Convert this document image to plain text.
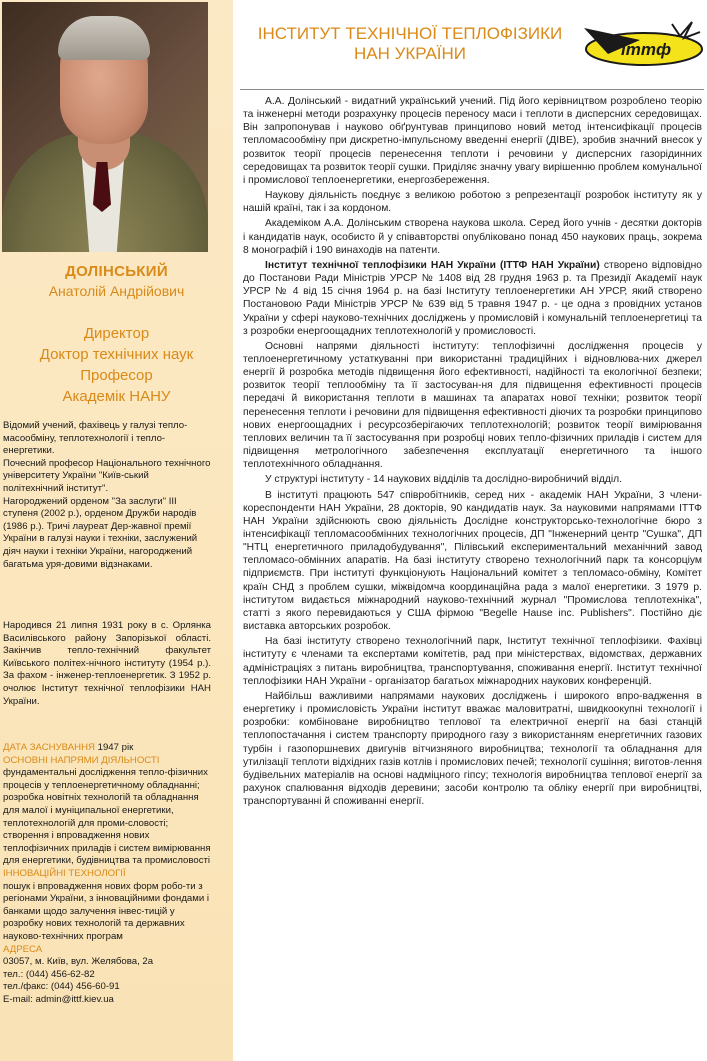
ДОЛІНСЬКИЙ
Анатолій Андрійович
Директор
Доктор технічних наук
Професор
Академік НАНУ
Відомий учений, фахівець у галузі тепло-масообміну, теплотехнології і тепло-енергетики.
Почесний професор Національного технічного університету України "Київ-ський політехнічний інститут".
Нагороджений орденом "За заслуги" ІІІ ступеня (2002 р.), орденом Дружби народів (1986 р.). Тричі лауреат Дер-жавної премії України в галузі науки і техніки, заслужений діяч науки і техніки України, нагороджений багатьма уря-довими відзнаками.
Народився 21 липня 1931 року в с. Орлянка Василівського району Запорізької області. Закінчив тепло-технічний факультет Київського політех-нічного інституту (1954 р.). За фахом - інженер-теплоенергетик. З 1952 р. очолює Інститут технічної теплофізики НАН України.

ДАТА ЗАСНУВАННЯ 1947 рік

ОСНОВНІ НАПРЯМИ ДІЯЛЬНОСТІ

фундаментальні дослідження тепло-фізичних процесів у теплоенергетичному обладнанні; розробка новітніх технологій та обладнання для малої і муніципальної енергетики, теплотехнологій для проми-словості; створення і впровадження нових теплофізичних приладів і систем вимірювання для енергетики, будівництва та промисловості

ІННОВАЦІЙНІ ТЕХНОЛОГІЇ

пошук і впровадження нових форм робо-ти з регіонами України, з інноваційними фондами і банками щодо залучення інвес-тицій у розробку нових технологій та державних науково-технічних програм

АДРЕСА

03057, м. Київ, вул. Желябова, 2а

тел.: (044) 456-62-82

тел./факс: (044) 456-60-91

E-mail: admin@ittf.kiev.ua

ІНСТИТУТ ТЕХНІЧНОЇ ТЕПЛОФІЗИКИ
НАН УКРАЇНИ	іттф

А.А. Долінський - видатний український учений. Під його керівництвом розроблено теорію та інженерні методи розрахунку процесів переносу маси і теплоти в дисперсних середовищах. Він запропонував і науково обґрунтував принципово новий метод інтенсифікації процесів тепломасообміну при дискретно-імпульсному введенні енергії (ДІВЕ), зробив значний внесок у розвиток теорії процесів перенесення теплоти і речовини у дисперсних газорідинних середовищах та розвиток теорії сушки. Приділяє значну увагу вирішенню проблем комунальної і промислової теплоенергетики, енергозбереження.

Наукову діяльність поєднує з великою роботою з репрезентації розробок інституту як у нашій країні, так і за кордоном.

Академіком А.А. Долінським створена наукова школа. Серед його учнів - десятки докторів і кандидатів наук, особисто й у співавторстві опубліковано понад 450 наукових праць, зокрема 8 монографій і 190 винаходів на патенти.

Інститут технічної теплофізики НАН України (ІТТФ НАН України) створено відповідно до Постанови Ради Міністрів УРСР № 1408 від 28 грудня 1963 р. та Президії Академії наук УРСР № 4 від 15 січня 1964 р. на базі Інституту теплоенергетики АН УРСР, який створено Постановою Ради Міністрів УРСР № 639 від 5 травня 1947 р. - це одна з провідних установ України у сфері науково-технічних досліджень у промисловій і комунальній теплоенергетиці та з розробки енергоощадних теплотехнологій у промисловості.

Основні напрями діяльності інституту: теплофізичні дослідження процесів у теплоенергетичному устаткуванні при використанні традиційних і відновлюва-них джерел енергії й розробка методів підвищення його ефективності, надійності та екологічної безпеки; розвиток теорії теплообміну та її застосуван-ня для підвищення ефективності процесів передачі й використання теплоти в машинах та апаратах нової техніки; розвиток теорії перенесення теплоти і речовини для підвищення ефективності діючих та розробки принципово нових енергоощадних і ресурсозберігаючих теплотехнологій; розвиток теорії вимірювання теплових величин та її застосування при розробці нових тепло-фізичних приладів і систем для підвищення метрологічного забезпечення експлуатації енергетичного та іншого теплотехнічного обладнання.

У структурі інституту - 14 наукових відділів та дослідно-виробничий відділ.

В інституті працюють 547 співробітників, серед них - академік НАН України, 3 члени-кореспонденти НАН України, 28 докторів, 90 кандидатів наук. За науковими напрямами ІТТФ НАН України здійснюють свою діяльність Дослідне конструкторсько-технологічне бюро з інтенсифікації тепломасообмінних технологічних процесів, ДП "Інженерний центр "Сушка", ДП "НТЦ енергетичного приладобудування", Пілівський експериментальний механічний завод тепломасо-обмінних апаратів. На базі інституту створено технологічний парк та консорціум підприємств. При інституті функціонують Національний комітет з тепломасо-обміну, Комітет країн СНД з проблем сушки, міжвідомча координаційна рада з малої енергетики. З 1979 р. інститутом видається міжнародний науково-технічний журнал "Промислова теплотехніка", статті з якого перевидаються у США фірмою "Begelle Hause inc. Publishers". Постійно діє виставка авторських розробок.

На базі інституту створено технологічний парк, Інститут технічної теплофізики. Фахівці інституту є членами та експертами комітетів, рад при міністерствах, відомствах, державних адміністраціях з питань виробництва, транспортування, споживання енергії. Інститут технічної теплофізики НАН України - організатор багатьох міжнародних наукових конференцій.

Найбільш важливими напрямами наукових досліджень і широкого впро-вадження в енергетику і промисловість України інститут вважає маловитратні, швидкоокупні технології і розробки: комбіноване виробництво теплової та електричної енергії на базі станцій теплопостачання і систем транспорту природного газу з використанням енергетичних газових турбін і газопоршневих двигунів вітчизняного виробництва; технології та обладнання для утилізації теплоти відхідних газів котлів і промислових печей; технології сушіння; виготов-лення будівельних матеріалів на основі надміцного гіпсу; технологія виробництва теплової енергії за рахунок спалювання відходів деревини; засоби контролю та обліку енергії при виробництві, транспортуванні й споживанні енергії.
